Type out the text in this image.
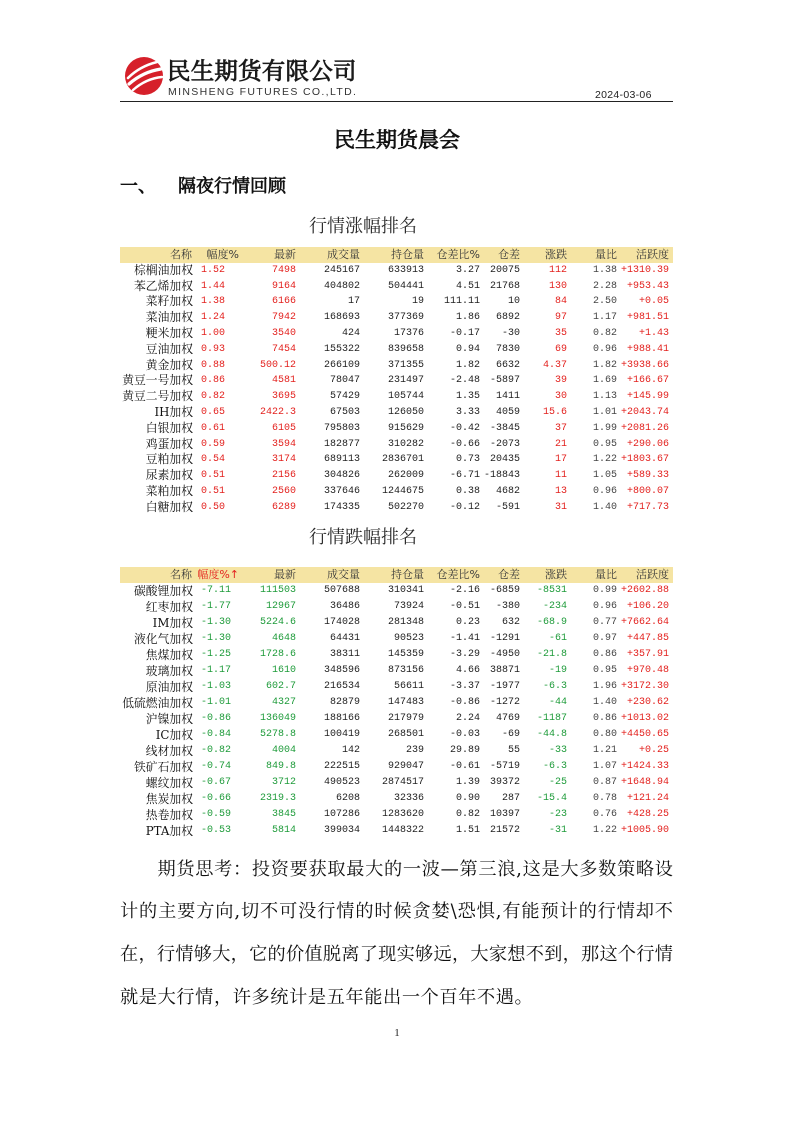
民生期货有限公司
MINSHENG FUTURES CO.,LTD.	2024-03-06
民生期货晨会
一、 隔夜行情回顾
行情涨幅排名
名称	幅度%	最新	成交量	持仓量	仓差比%	仓差	涨跌	量比	活跃度
棕榈油加权	1.52	7498	245167	633913	3.27	20075	112	1.38	+1310.39
苯乙烯加权	1.44	9164	404802	504441	4.51	21768	130	2.28	+953.43
菜籽加权	1.38	6166	17	19	111.11	10	84	2.50	+0.05
菜油加权	1.24	7942	168693	377369	1.86	6892	97	1.17	+981.51
粳米加权	1.00	3540	424	17376	-0.17	-30	35	0.82	+1.43
豆油加权	0.93	7454	155322	839658	0.94	7830	69	0.96	+988.41
黄金加权	0.88	500.12	266109	371355	1.82	6632	4.37	1.82	+3938.66
黄豆一号加权	0.86	4581	78047	231497	-2.48	-5897	39	1.69	+166.67
黄豆二号加权	0.82	3695	57429	105744	1.35	1411	30	1.13	+145.99
IH加权	0.65	2422.3	67503	126050	3.33	4059	15.6	1.01	+2043.74
白银加权	0.61	6105	795803	915629	-0.42	-3845	37	1.99	+2081.26
鸡蛋加权	0.59	3594	182877	310282	-0.66	-2073	21	0.95	+290.06
豆粕加权	0.54	3174	689113	2836701	0.73	20435	17	1.22	+1803.67
尿素加权	0.51	2156	304826	262009	-6.71	-18843	11	1.05	+589.33
菜粕加权	0.51	2560	337646	1244675	0.38	4682	13	0.96	+800.07
白糖加权	0.50	6289	174335	502270	-0.12	-591	31	1.40	+717.73
行情跌幅排名
名称	幅度%↑	最新	成交量	持仓量	仓差比%	仓差	涨跌	量比	活跃度
碳酸锂加权	-7.11	111503	507688	310341	-2.16	-6859	-8531	0.99	+2602.88
红枣加权	-1.77	12967	36486	73924	-0.51	-380	-234	0.96	+106.20
IM加权	-1.30	5224.6	174028	281348	0.23	632	-68.9	0.77	+7662.64
液化气加权	-1.30	4648	64431	90523	-1.41	-1291	-61	0.97	+447.85
焦煤加权	-1.25	1728.6	38311	145359	-3.29	-4950	-21.8	0.86	+357.91
玻璃加权	-1.17	1610	348596	873156	4.66	38871	-19	0.95	+970.48
原油加权	-1.03	602.7	216534	56611	-3.37	-1977	-6.3	1.96	+3172.30
低硫燃油加权	-1.01	4327	82879	147483	-0.86	-1272	-44	1.40	+230.62
沪镍加权	-0.86	136049	188166	217979	2.24	4769	-1187	0.86	+1013.02
IC加权	-0.84	5278.8	100419	268501	-0.03	-69	-44.8	0.80	+4450.65
线材加权	-0.82	4004	142	239	29.89	55	-33	1.21	+0.25
铁矿石加权	-0.74	849.8	222515	929047	-0.61	-5719	-6.3	1.07	+1424.33
螺纹加权	-0.67	3712	490523	2874517	1.39	39372	-25	0.87	+1648.94
焦炭加权	-0.66	2319.3	6208	32336	0.90	287	-15.4	0.78	+121.24
热卷加权	-0.59	3845	107286	1283620	0.82	10397	-23	0.76	+428.25
PTA加权	-0.53	5814	399034	1448322	1.51	21572	-31	1.22	+1005.90
期货思考：投资要获取最大的一波—第三浪,这是大多数策略设
计的主要方向,切不可没行情的时候贪婪\恐惧,有能预计的行情却不
在，行情够大，它的价值脱离了现实够远，大家想不到，那这个行情
就是大行情，许多统计是五年能出一个百年不遇。
1
